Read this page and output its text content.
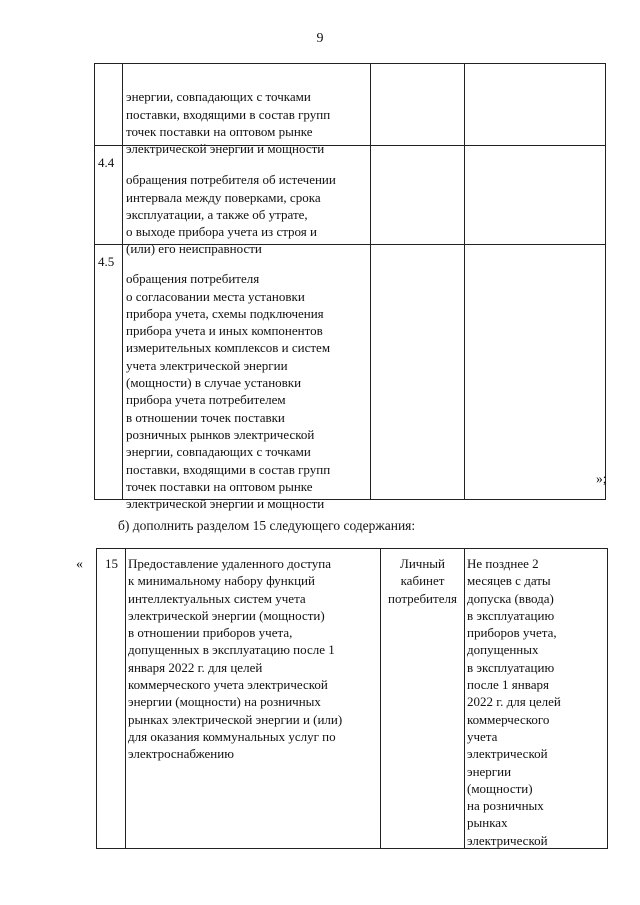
9

энергии, совпадающих с точками
поставки, входящими в состав групп
точек поставки на оптовом рынке
электрической энергии и мощности

4.4

обращения потребителя об истечении
интервала между поверками, срока
эксплуатации, а также об утрате,
о выходе прибора учета из строя и
(или) его неисправности

4.5

обращения потребителя
о согласовании места установки
прибора учета, схемы подключения
прибора учета и иных компонентов
измерительных комплексов и систем
учета электрической энергии
(мощности) в случае установки
прибора учета потребителем
в отношении точек поставки
розничных рынков электрической
энергии, совпадающих с точками
поставки, входящими в состав групп
точек поставки на оптовом рынке
электрической энергии и мощности

»;
б) дополнить разделом 15 следующего содержания:
« 15 Предоставление удаленного доступа
к минимальному набору функций
интеллектуальных систем учета
электрической энергии (мощности)
в отношении приборов учета,
допущенных в эксплуатацию после 1
января 2022 г. для целей
коммерческого учета электрической
энергии (мощности) на розничных
рынках электрической энергии и (или)
для оказания коммунальных услуг по
электроснабжению
Личный
кабинет
потребителя
Не позднее 2
месяцев с даты
допуска (ввода)
в эксплуатацию
приборов учета,
допущенных
в эксплуатацию
после 1 января
2022 г. для целей
коммерческого
учета
электрической
энергии
(мощности)
на розничных
рынках
электрической
